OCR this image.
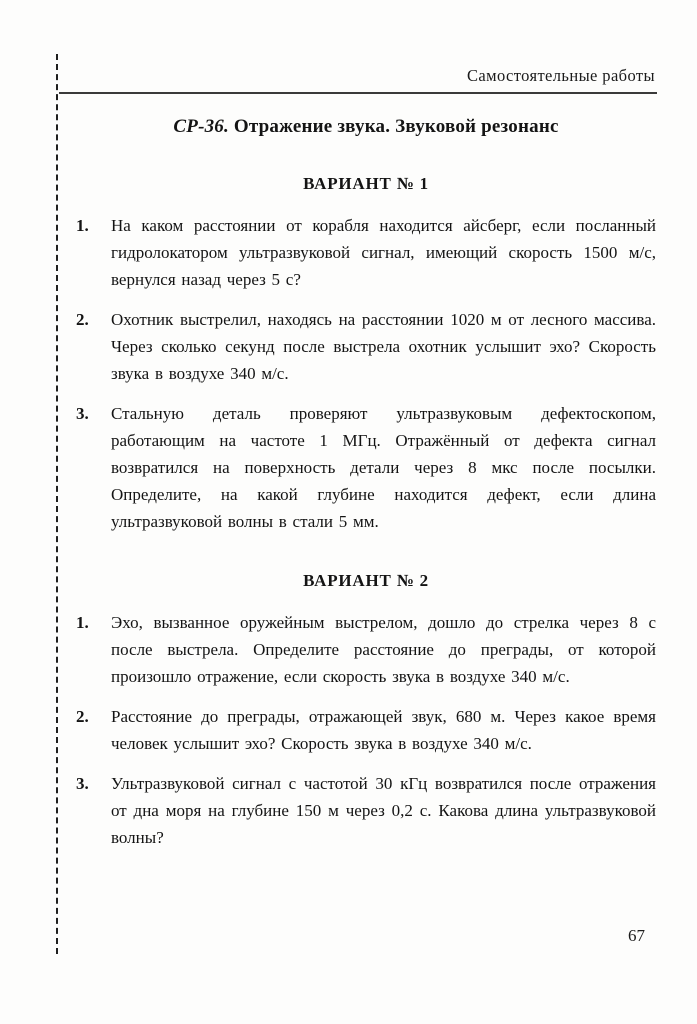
Самостоятельные работы
СР-36. Отражение звука. Звуковой резонанс
ВАРИАНТ № 1
1.	На каком расстоянии от корабля находится айсберг, если посланный гидролокатором ультразвуковой сигнал, имеющий скорость 1500 м/с, вернулся назад через 5 с?
2.	Охотник выстрелил, находясь на расстоянии 1020 м от лесного массива. Через сколько секунд после выстрела охотник услышит эхо? Скорость звука в воздухе 340 м/с.
3.	Стальную деталь проверяют ультразвуковым дефектоскопом, работающим на частоте 1 МГц. Отражённый от дефекта сигнал возвратился на поверхность детали через 8 мкс после посылки. Определите, на какой глубине находится дефект, если длина ультразвуковой волны в стали 5 мм.
ВАРИАНТ № 2
1.	Эхо, вызванное оружейным выстрелом, дошло до стрелка через 8 с после выстрела. Определите расстояние до преграды, от которой произошло отражение, если скорость звука в воздухе 340 м/с.
2.	Расстояние до преграды, отражающей звук, 680 м. Через какое время человек услышит эхо? Скорость звука в воздухе 340 м/с.
3.	Ультразвуковой сигнал с частотой 30 кГц возвратился после отражения от дна моря на глубине 150 м через 0,2 с. Какова длина ультразвуковой волны?
67
